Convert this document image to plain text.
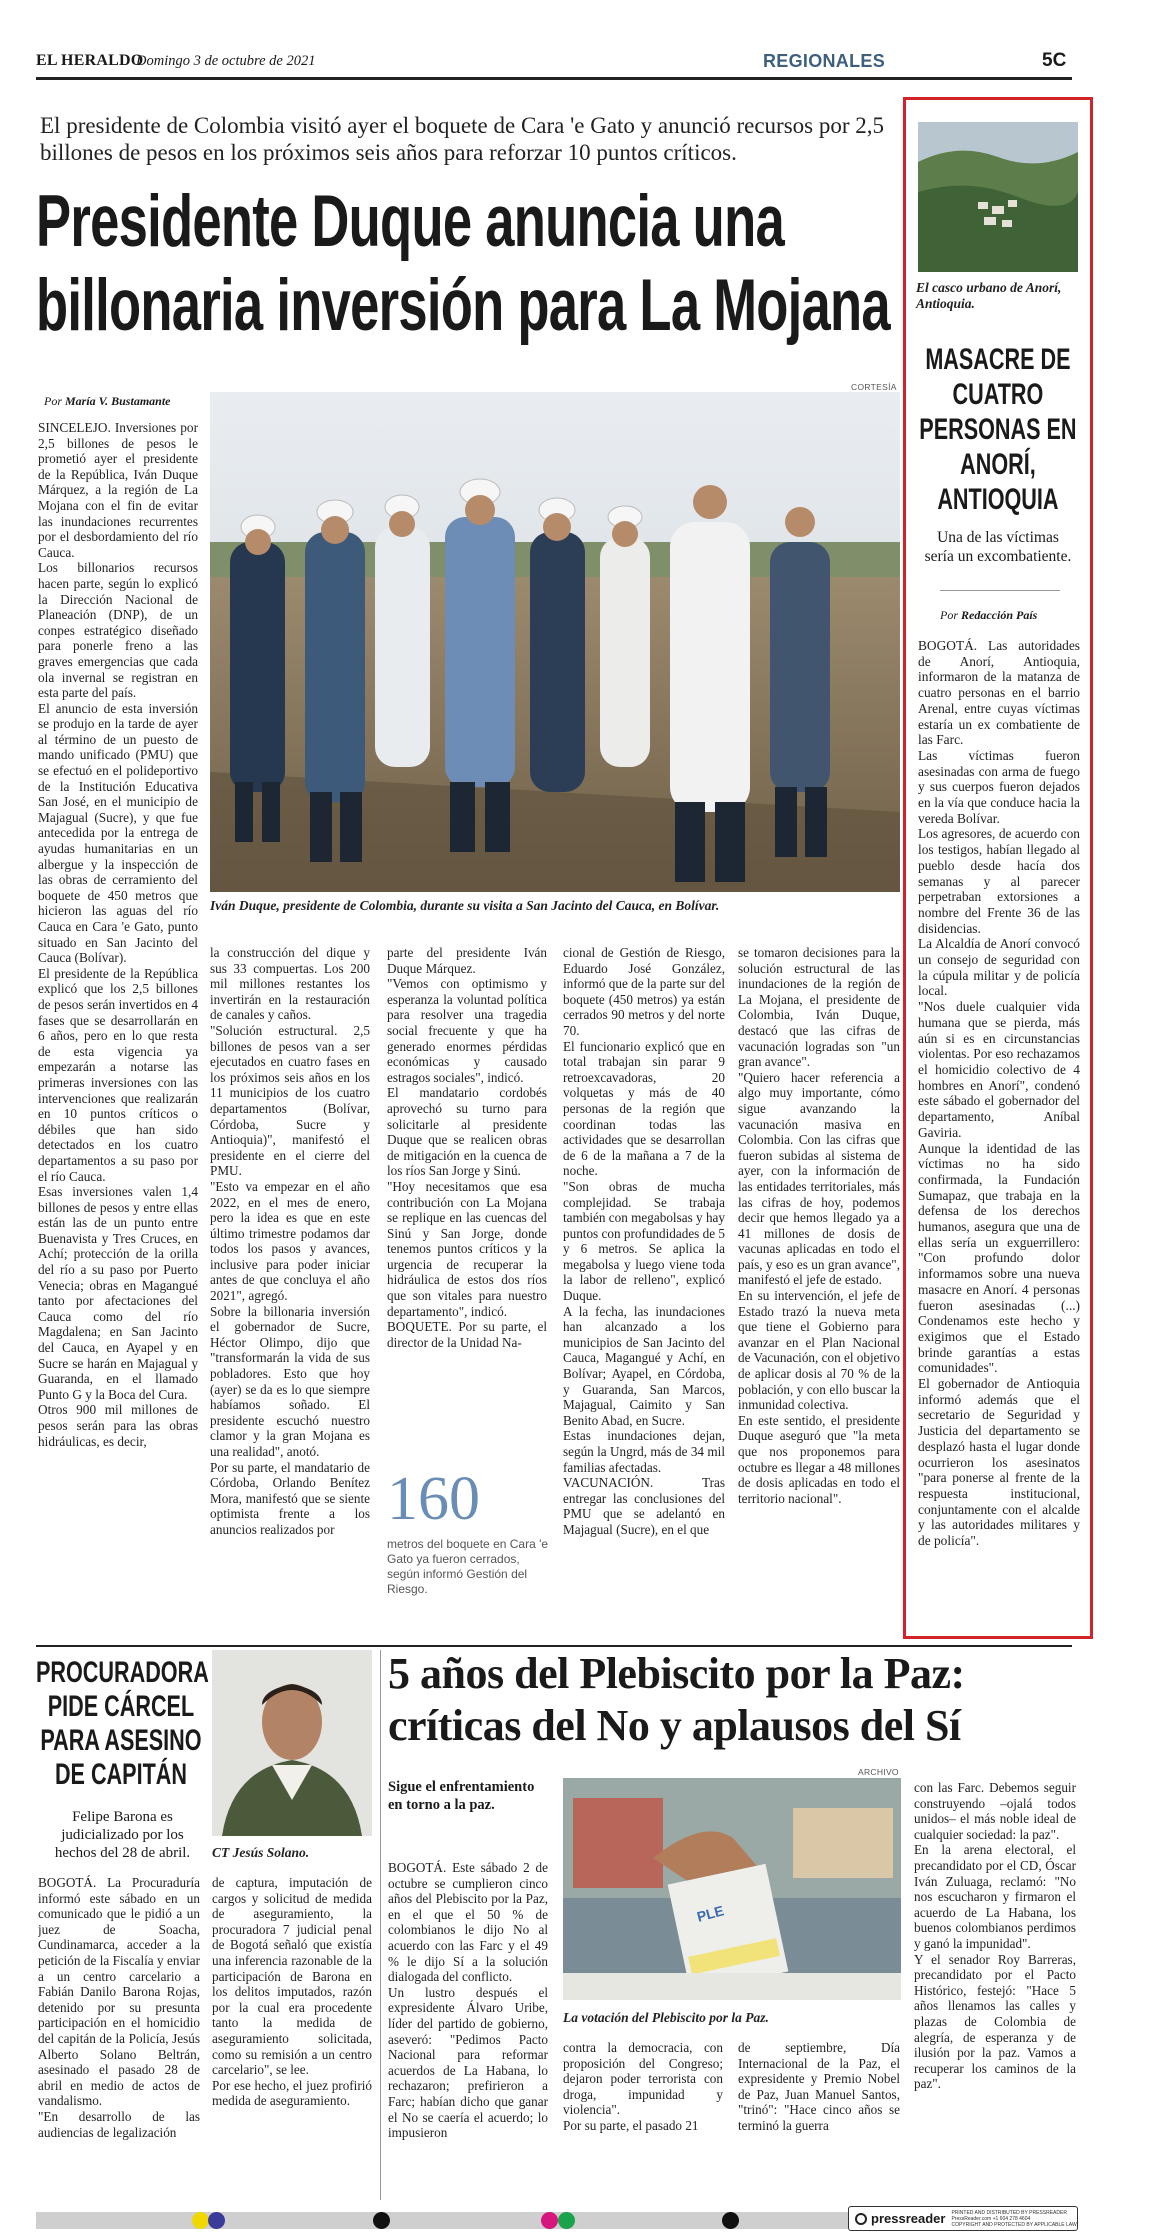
EL HERALDO
Domingo 3 de octubre de 2021	REGIONALES	5C
El presidente de Colombia visitó ayer el boquete de Cara 'e Gato y anunció recursos por 2,5 billones de pesos en los próximos seis años para reforzar 10 puntos críticos.
Presidente Duque anuncia una
billonaria inversión para La Mojana
CORTESÍA
Por María V. Bustamante
Iván Duque, presidente de Colombia, durante su visita a San Jacinto del Cauca, en Bolívar.
SINCELEJO. Inversiones por 2,5 billones de pesos le prometió ayer el presidente de la República, Iván Duque Márquez, a la región de La Mojana con el fin de evitar las inundaciones recurrentes por el desbordamiento del río Cauca.
Los billonarios recursos hacen parte, según lo explicó la Dirección Nacional de Planeación (DNP), de un conpes estratégico diseñado para ponerle freno a las graves emergencias que cada ola invernal se registran en esta parte del país.
El anuncio de esta inversión se produjo en la tarde de ayer al término de un puesto de mando unificado (PMU) que se efectuó en el polideportivo de la Institución Educativa San José, en el municipio de Majagual (Sucre), y que fue antecedida por la entrega de ayudas humanitarias en un albergue y la inspección de las obras de cerramiento del boquete de 450 metros que hicieron las aguas del río Cauca en Cara 'e Gato, punto situado en San Jacinto del Cauca (Bolívar).
El presidente de la República explicó que los 2,5 billones de pesos serán invertidos en 4 fases que se desarrollarán en 6 años, pero en lo que resta de esta vigencia ya empezarán a notarse las primeras inversiones con las intervenciones que realizarán en 10 puntos críticos o débiles que han sido detectados en los cuatro departamentos a su paso por el río Cauca.
Esas inversiones valen 1,4 billones de pesos y entre ellas están las de un punto entre Buenavista y Tres Cruces, en Achí; protección de la orilla del río a su paso por Puerto Venecia; obras en Magangué tanto por afectaciones del Cauca como del río Magdalena; en San Jacinto del Cauca, en Ayapel y en Sucre se harán en Majagual y Guaranda, en el llamado Punto G y la Boca del Cura.
Otros 900 mil millones de pesos serán para las obras hidráulicas, es decir,
la construcción del dique y sus 33 compuertas. Los 200 mil millones restantes los invertirán en la restauración de canales y caños.
"Solución estructural. 2,5 billones de pesos van a ser ejecutados en cuatro fases en los próximos seis años en los 11 municipios de los cuatro departamentos (Bolívar, Córdoba, Sucre y Antioquia)", manifestó el presidente en el cierre del PMU.
"Esto va empezar en el año 2022, en el mes de enero, pero la idea es que en este último trimestre podamos dar todos los pasos y avances, inclusive para poder iniciar antes de que concluya el año 2021", agregó.
Sobre la billonaria inversión el gobernador de Sucre, Héctor Olimpo, dijo que "transformarán la vida de sus pobladores. Esto que hoy (ayer) se da es lo que siempre habíamos soñado. El presidente escuchó nuestro clamor y la gran Mojana es una realidad", anotó.
Por su parte, el mandatario de Córdoba, Orlando Benítez Mora, manifestó que se siente optimista frente a los anuncios realizados por
parte del presidente Iván Duque Márquez.
"Vemos con optimismo y esperanza la voluntad política para resolver una tragedia social frecuente y que ha generado enormes pérdidas económicas y causado estragos sociales", indicó.
El mandatario cordobés aprovechó su turno para solicitarle al presidente Duque que se realicen obras de mitigación en la cuenca de los ríos San Jorge y Sinú.
"Hoy necesitamos que esa contribución con La Mojana se replique en las cuencas del Sinú y San Jorge, donde tenemos puntos críticos y la urgencia de recuperar la hidráulica de estos dos ríos que son vitales para nuestro departamento", indicó.
BOQUETE. Por su parte, el director de la Unidad Na-
160
metros del boquete en Cara 'e Gato ya fueron cerrados, según informó Gestión del Riesgo.
cional de Gestión de Riesgo, Eduardo José González, informó que de la parte sur del boquete (450 metros) ya están cerrados 90 metros y del norte 70.
El funcionario explicó que en total trabajan sin parar 9 retroexcavadoras, 20 volquetas y más de 40 personas de la región que coordinan todas las actividades que se desarrollan de 6 de la mañana a 7 de la noche.
"Son obras de mucha complejidad. Se trabaja también con megabolsas y hay puntos con profundidades de 5 y 6 metros. Se aplica la megabolsa y luego viene toda la labor de relleno", explicó Duque.
A la fecha, las inundaciones han alcanzado a los municipios de San Jacinto del Cauca, Magangué y Achí, en Bolívar; Ayapel, en Córdoba, y Guaranda, San Marcos, Majagual, Caimito y San Benito Abad, en Sucre.
Estas inundaciones dejan, según la Ungrd, más de 34 mil familias afectadas.
VACUNACIÓN. Tras entregar las conclusiones del PMU que se adelantó en Majagual (Sucre), en el que
se tomaron decisiones para la solución estructural de las inundaciones de la región de La Mojana, el presidente de Colombia, Iván Duque, destacó que las cifras de vacunación logradas son "un gran avance".
"Quiero hacer referencia a algo muy importante, cómo sigue avanzando la vacunación masiva en Colombia. Con las cifras que fueron subidas al sistema de ayer, con la información de las entidades territoriales, más las cifras de hoy, podemos decir que hemos llegado ya a 41 millones de dosis de vacunas aplicadas en todo el país, y eso es un gran avance", manifestó el jefe de estado.
En su intervención, el jefe de Estado trazó la nueva meta que tiene el Gobierno para avanzar en el Plan Nacional de Vacunación, con el objetivo de aplicar dosis al 70 % de la población, y con ello buscar la inmunidad colectiva.
En este sentido, el presidente Duque aseguró que "la meta que nos proponemos para octubre es llegar a 48 millones de dosis aplicadas en todo el territorio nacional".
El casco urbano de Anorí, Antioquia.
MASACRE DE CUATRO PERSONAS EN ANORÍ, ANTIOQUIA
Una de las víctimas sería un excombatiente.
Por Redacción País
BOGOTÁ. Las autoridades de Anorí, Antioquia, informaron de la matanza de cuatro personas en el barrio Arenal, entre cuyas víctimas estaría un ex combatiente de las Farc.
Las víctimas fueron asesinadas con arma de fuego y sus cuerpos fueron dejados en la vía que conduce hacia la vereda Bolívar.
Los agresores, de acuerdo con los testigos, habían llegado al pueblo desde hacía dos semanas y al parecer perpetraban extorsiones a nombre del Frente 36 de las disidencias.
La Alcaldía de Anorí convocó un consejo de seguridad con la cúpula militar y de policía local.
"Nos duele cualquier vida humana que se pierda, más aún si es en circunstancias violentas. Por eso rechazamos el homicidio colectivo de 4 hombres en Anorí", condenó este sábado el gobernador del departamento, Aníbal Gaviria.
Aunque la identidad de las víctimas no ha sido confirmada, la Fundación Sumapaz, que trabaja en la defensa de los derechos humanos, asegura que una de ellas sería un exguerrillero: "Con profundo dolor informamos sobre una nueva masacre en Anorí. 4 personas fueron asesinadas (...) Condenamos este hecho y exigimos que el Estado brinde garantías a estas comunidades".
El gobernador de Antioquia informó además que el secretario de Seguridad y Justicia del departamento se desplazó hasta el lugar donde ocurrieron los asesinatos "para ponerse al frente de la respuesta institucional, conjuntamente con el alcalde y las autoridades militares y de policía".
PROCURADORA PIDE CÁRCEL PARA ASESINO DE CAPITÁN
Felipe Barona es judicializado por los hechos del 28 de abril.	CT Jesús Solano.
BOGOTÁ. La Procuraduría informó este sábado en un comunicado que le pidió a un juez de Soacha, Cundinamarca, acceder a la petición de la Fiscalía y enviar a un centro carcelario a Fabián Danilo Barona Rojas, detenido por su presunta participación en el homicidio del capitán de la Policía, Jesús Alberto Solano Beltrán, asesinado el pasado 28 de abril en medio de actos de vandalismo.
"En desarrollo de las audiencias de legalización
de captura, imputación de cargos y solicitud de medida de aseguramiento, la procuradora 7 judicial penal de Bogotá señaló que existía una inferencia razonable de la participación de Barona en los delitos imputados, razón por la cual era procedente tanto la medida de aseguramiento solicitada, como su remisión a un centro carcelario", se lee.
Por ese hecho, el juez profirió medida de aseguramiento.
5 años del Plebiscito por la Paz:
críticas del No y aplausos del Sí
ARCHIVO
Sigue el enfrentamiento en torno a la paz.
PLE
La votación del Plebiscito por la Paz.
BOGOTÁ. Este sábado 2 de octubre se cumplieron cinco años del Plebiscito por la Paz, en el que el 50 % de colombianos le dijo No al acuerdo con las Farc y el 49 % le dijo Sí a la solución dialogada del conflicto.
Un lustro después el expresidente Álvaro Uribe, líder del partido de gobierno, aseveró: "Pedimos Pacto Nacional para reformar acuerdos de La Habana, lo rechazaron; prefirieron a Farc; habían dicho que ganar el No se caería el acuerdo; lo impusieron
contra la democracia, con proposición del Congreso; dejaron poder terrorista con droga, impunidad y violencia".
Por su parte, el pasado 21
de septiembre, Día Internacional de la Paz, el expresidente y Premio Nobel de Paz, Juan Manuel Santos, "trinó": "Hace cinco años se terminó la guerra
con las Farc. Debemos seguir construyendo –ojalá todos unidos– el más noble ideal de cualquier sociedad: la paz".
En la arena electoral, el precandidato por el CD, Óscar Iván Zuluaga, reclamó: "No nos escucharon y firmaron el acuerdo de La Habana, los buenos colombianos perdimos y ganó la impunidad".
Y el senador Roy Barreras, precandidato por el Pacto Histórico, festejó: "Hace 5 años llenamos las calles y plazas de Colombia de alegría, de esperanza y de ilusión por la paz. Vamos a recuperar los caminos de la paz".
pressreader PRINTED AND DISTRIBUTED BY PRESSREADER
PressReader.com +1 604 278 4604
COPYRIGHT AND PROTECTED BY APPLICABLE LAW
